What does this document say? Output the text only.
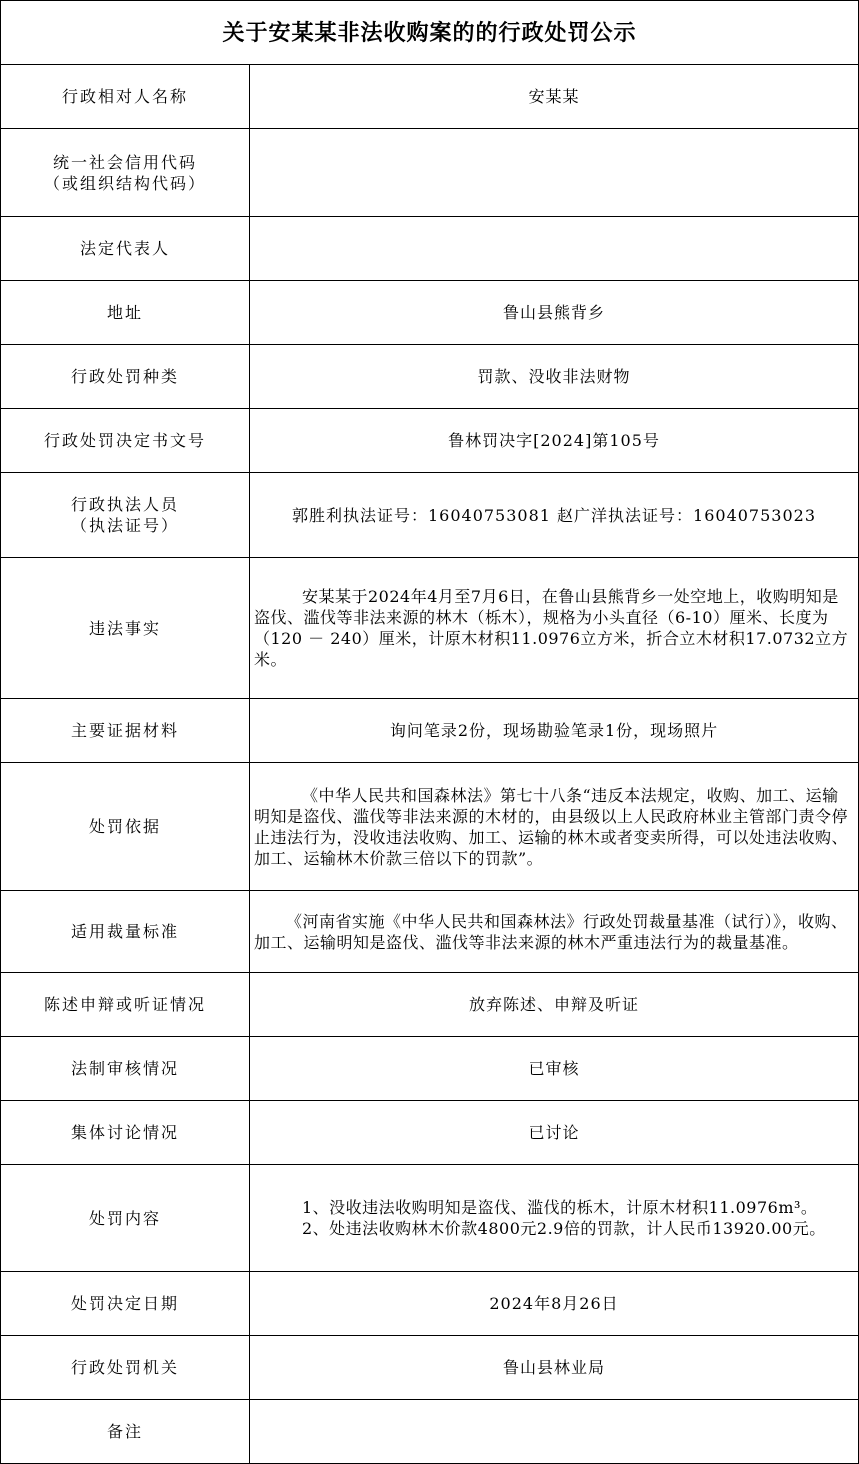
关于安某某非法收购案的的行政处罚公示
行政相对人名称	安某某

统一社会信用代码
（或组织结构代码）	

法定代表人	
地址	鲁山县熊背乡
行政处罚种类	罚款、没收非法财物
行政处罚决定书文号	鲁林罚决字[2024]第105号

行政执法人员
（执法证号）	郭胜利执法证号：16040753081 赵广洋执法证号：16040753023
违法事实	安某某于2024年4月至7月6日，在鲁山县熊背乡一处空地上，收购明知是盗伐、滥伐等非法来源的林木（栎木），规格为小头直径（6-10）厘米、长度为（120 － 240）厘米，计原木材积11.0976立方米，折合立木材积17.0732立方米。

主要证据材料	询问笔录2份，现场勘验笔录1份，现场照片
处罚依据	《中华人民共和国森林法》第七十八条“违反本法规定，收购、加工、运输明知是盗伐、滥伐等非法来源的木材的，由县级以上人民政府林业主管部门责令停止违法行为，没收违法收购、加工、运输的林木或者变卖所得，可以处违法收购、加工、运输林木价款三倍以下的罚款”。

适用裁量标准	《河南省实施《中华人民共和国森林法》行政处罚裁量基准（试行）》，收购、加工、运输明知是盗伐、滥伐等非法来源的林木严重违法行为的裁量基准。

陈述申辩或听证情况	放弃陈述、申辩及听证
法制审核情况	已审核
集体讨论情况	已讨论
处罚内容	1、没收违法收购明知是盗伐、滥伐的栎木，计原木材积11.0976m³。

2、处违法收购林木价款4800元2.9倍的罚款，计人民币13920.00元。

处罚决定日期	2024年8月26日
行政处罚机关	鲁山县林业局
备注	
